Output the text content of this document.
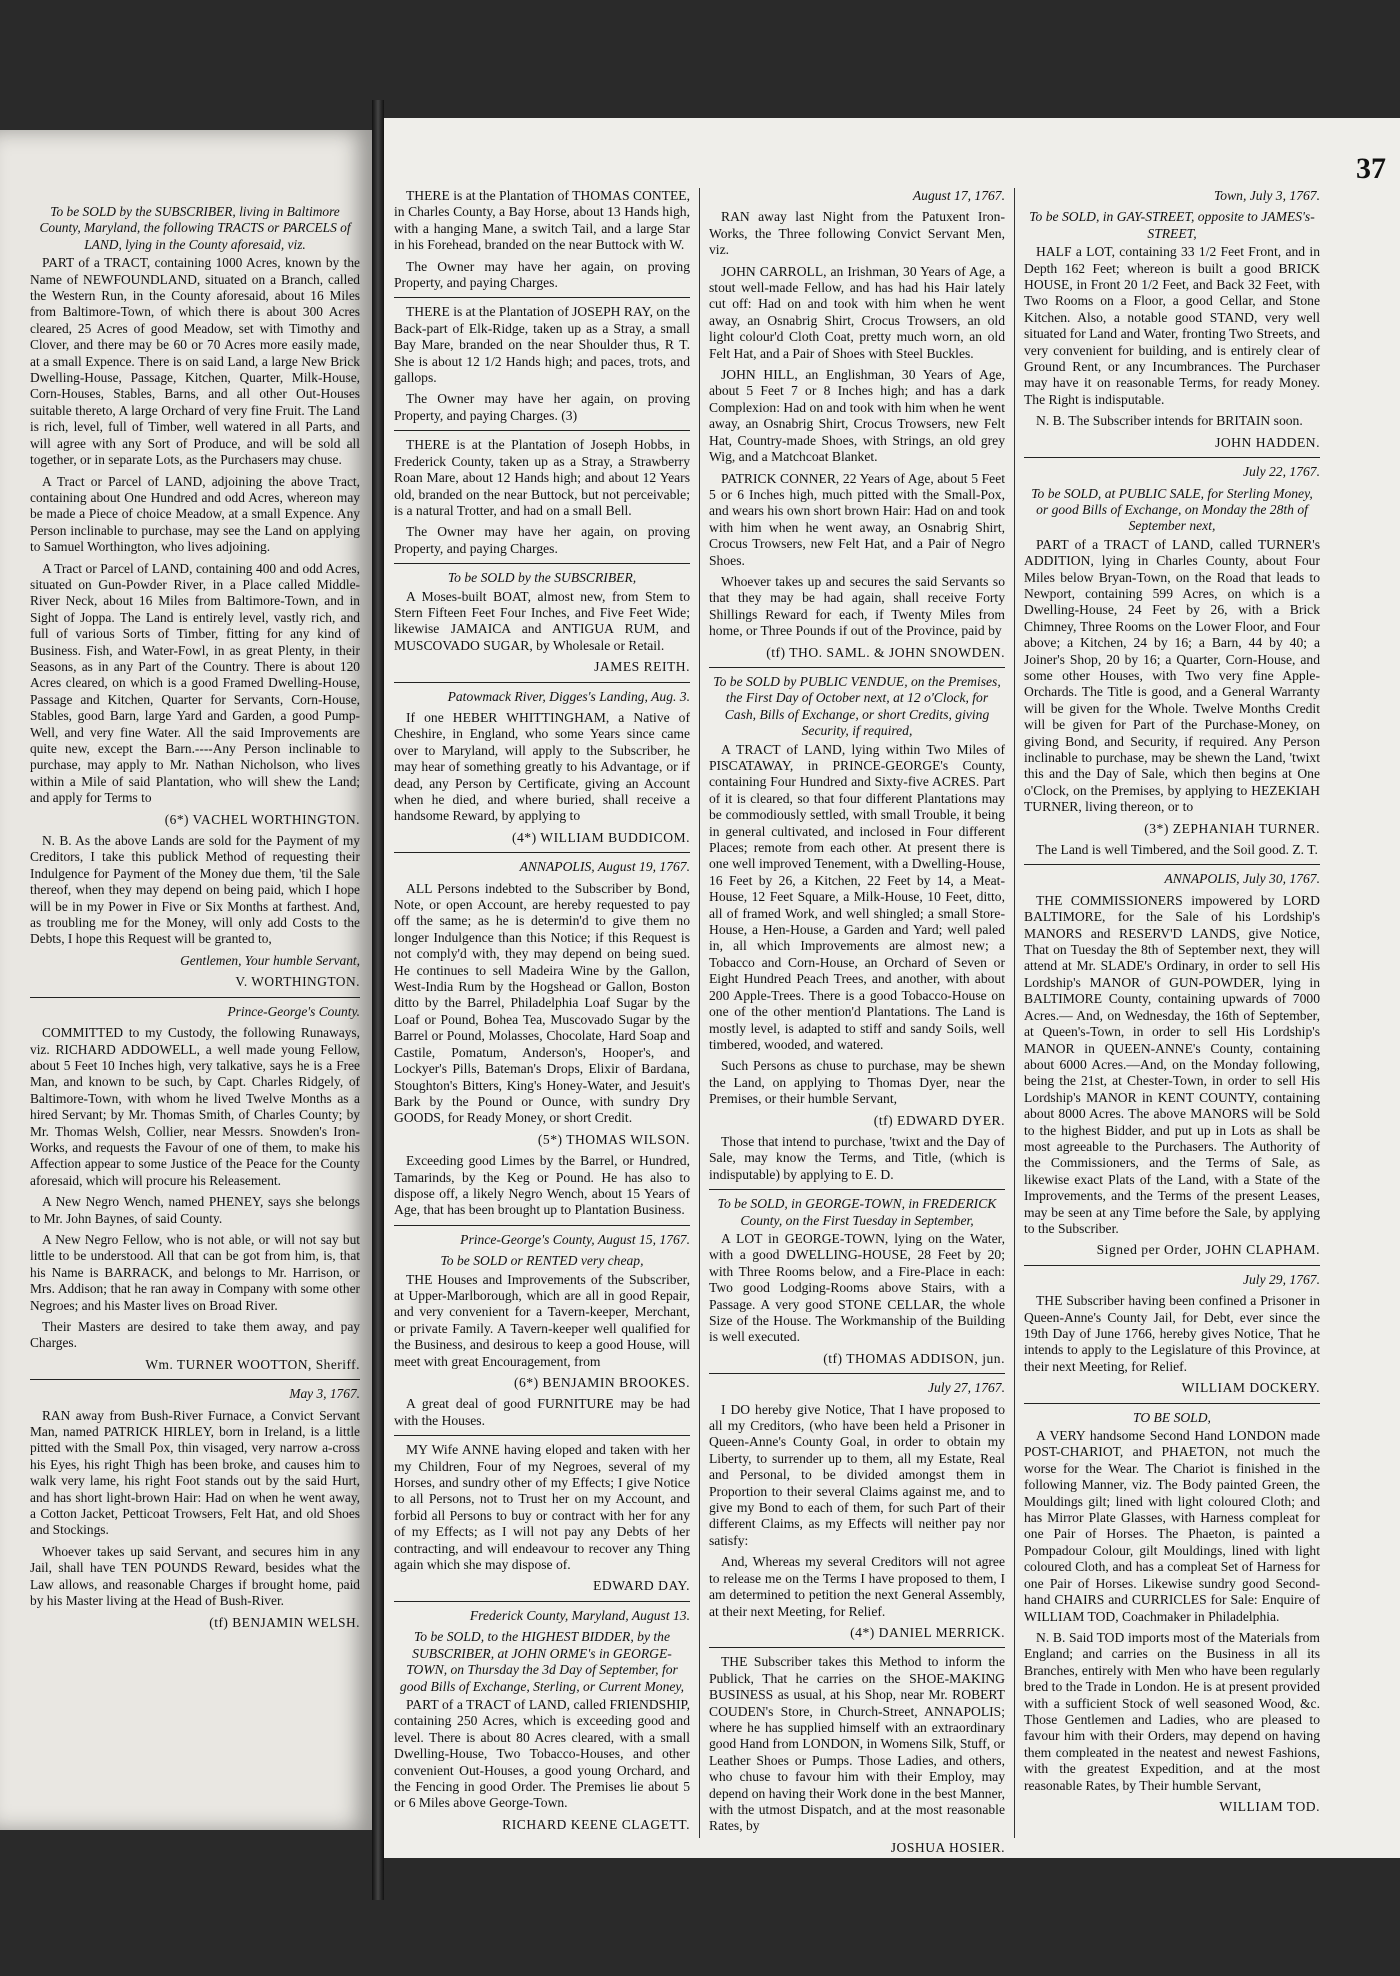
To be SOLD by the SUBSCRIBER, living in Baltimore County, Maryland, the following TRACTS or PARCELS of LAND, lying in the County aforesaid, viz.

PART of a TRACT, containing 1000 Acres, known by the Name of NEWFOUNDLAND, situated on a Branch, called the Western Run, in the County aforesaid, about 16 Miles from Baltimore-Town, of which there is about 300 Acres cleared, 25 Acres of good Meadow, set with Timothy and Clover, and there may be 60 or 70 Acres more easily made, at a small Expence. There is on said Land, a large New Brick Dwelling-House, Passage, Kitchen, Quarter, Milk-House, Corn-Houses, Stables, Barns, and all other Out-Houses suitable thereto, A large Orchard of very fine Fruit. The Land is rich, level, full of Timber, well watered in all Parts, and will agree with any Sort of Produce, and will be sold all together, or in separate Lots, as the Purchasers may chuse.

A Tract or Parcel of LAND, adjoining the above Tract, containing about One Hundred and odd Acres, whereon may be made a Piece of choice Meadow, at a small Expence. Any Person inclinable to purchase, may see the Land on applying to Samuel Worthington, who lives adjoining.

A Tract or Parcel of LAND, containing 400 and odd Acres, situated on Gun-Powder River, in a Place called Middle-River Neck, about 16 Miles from Baltimore-Town, and in Sight of Joppa. The Land is entirely level, vastly rich, and full of various Sorts of Timber, fitting for any kind of Business. Fish, and Water-Fowl, in as great Plenty, in their Seasons, as in any Part of the Country. There is about 120 Acres cleared, on which is a good Framed Dwelling-House, Passage and Kitchen, Quarter for Servants, Corn-House, Stables, good Barn, large Yard and Garden, a good Pump-Well, and very fine Water. All the said Improvements are quite new, except the Barn.----Any Person inclinable to purchase, may apply to Mr. Nathan Nicholson, who lives within a Mile of said Plantation, who will shew the Land; and apply for Terms to

(6*) VACHEL WORTHINGTON.

N. B. As the above Lands are sold for the Payment of my Creditors, I take this publick Method of requesting their Indulgence for Payment of the Money due them, 'til the Sale thereof, when they may depend on being paid, which I hope will be in my Power in Five or Six Months at farthest. And, as troubling me for the Money, will only add Costs to the Debts, I hope this Request will be granted to,

Gentlemen, Your humble Servant,

V. WORTHINGTON.

Prince-George's County.

COMMITTED to my Custody, the following Runaways, viz. RICHARD ADDOWELL, a well made young Fellow, about 5 Feet 10 Inches high, very talkative, says he is a Free Man, and known to be such, by Capt. Charles Ridgely, of Baltimore-Town, with whom he lived Twelve Months as a hired Servant; by Mr. Thomas Smith, of Charles County; by Mr. Thomas Welsh, Collier, near Messrs. Snowden's Iron-Works, and requests the Favour of one of them, to make his Affection appear to some Justice of the Peace for the County aforesaid, which will procure his Releasement.

A New Negro Wench, named PHENEY, says she belongs to Mr. John Baynes, of said County.

A New Negro Fellow, who is not able, or will not say but little to be understood. All that can be got from him, is, that his Name is BARRACK, and belongs to Mr. Harrison, or Mrs. Addison; that he ran away in Company with some other Negroes; and his Master lives on Broad River.

Their Masters are desired to take them away, and pay Charges.

Wm. TURNER WOOTTON, Sheriff.

May 3, 1767.

RAN away from Bush-River Furnace, a Convict Servant Man, named PATRICK HIRLEY, born in Ireland, is a little pitted with the Small Pox, thin visaged, very narrow a-cross his Eyes, his right Thigh has been broke, and causes him to walk very lame, his right Foot stands out by the said Hurt, and has short light-brown Hair: Had on when he went away, a Cotton Jacket, Petticoat Trowsers, Felt Hat, and old Shoes and Stockings.

Whoever takes up said Servant, and secures him in any Jail, shall have TEN POUNDS Reward, besides what the Law allows, and reasonable Charges if brought home, paid by his Master living at the Head of Bush-River.

(tf) BENJAMIN WELSH.

37

THERE is at the Plantation of THOMAS CONTEE, in Charles County, a Bay Horse, about 13 Hands high, with a hanging Mane, a switch Tail, and a large Star in his Forehead, branded on the near Buttock with W.

The Owner may have her again, on proving Property, and paying Charges.

THERE is at the Plantation of JOSEPH RAY, on the Back-part of Elk-Ridge, taken up as a Stray, a small Bay Mare, branded on the near Shoulder thus, R T. She is about 12 1/2 Hands high; and paces, trots, and gallops.

The Owner may have her again, on proving Property, and paying Charges. (3)

THERE is at the Plantation of Joseph Hobbs, in Frederick County, taken up as a Stray, a Strawberry Roan Mare, about 12 Hands high; and about 12 Years old, branded on the near Buttock, but not perceivable; is a natural Trotter, and had on a small Bell.

The Owner may have her again, on proving Property, and paying Charges.

To be SOLD by the SUBSCRIBER,

A Moses-built BOAT, almost new, from Stem to Stern Fifteen Feet Four Inches, and Five Feet Wide; likewise JAMAICA and ANTIGUA RUM, and MUSCOVADO SUGAR, by Wholesale or Retail.

JAMES REITH.

Patowmack River, Digges's Landing, Aug. 3.

If one HEBER WHITTINGHAM, a Native of Cheshire, in England, who some Years since came over to Maryland, will apply to the Subscriber, he may hear of something greatly to his Advantage, or if dead, any Person by Certificate, giving an Account when he died, and where buried, shall receive a handsome Reward, by applying to

(4*) WILLIAM BUDDICOM.

ANNAPOLIS, August 19, 1767.

ALL Persons indebted to the Subscriber by Bond, Note, or open Account, are hereby requested to pay off the same; as he is determin'd to give them no longer Indulgence than this Notice; if this Request is not comply'd with, they may depend on being sued. He continues to sell Madeira Wine by the Gallon, West-India Rum by the Hogshead or Gallon, Boston ditto by the Barrel, Philadelphia Loaf Sugar by the Loaf or Pound, Bohea Tea, Muscovado Sugar by the Barrel or Pound, Molasses, Chocolate, Hard Soap and Castile, Pomatum, Anderson's, Hooper's, and Lockyer's Pills, Bateman's Drops, Elixir of Bardana, Stoughton's Bitters, King's Honey-Water, and Jesuit's Bark by the Pound or Ounce, with sundry Dry GOODS, for Ready Money, or short Credit.

(5*) THOMAS WILSON.

Exceeding good Limes by the Barrel, or Hundred, Tamarinds, by the Keg or Pound. He has also to dispose off, a likely Negro Wench, about 15 Years of Age, that has been brought up to Plantation Business.

Prince-George's County, August 15, 1767.

To be SOLD or RENTED very cheap,

THE Houses and Improvements of the Subscriber, at Upper-Marlborough, which are all in good Repair, and very convenient for a Tavern-keeper, Merchant, or private Family. A Tavern-keeper well qualified for the Business, and desirous to keep a good House, will meet with great Encouragement, from

(6*) BENJAMIN BROOKES.

A great deal of good FURNITURE may be had with the Houses.

MY Wife ANNE having eloped and taken with her my Children, Four of my Negroes, several of my Horses, and sundry other of my Effects; I give Notice to all Persons, not to Trust her on my Account, and forbid all Persons to buy or contract with her for any of my Effects; as I will not pay any Debts of her contracting, and will endeavour to recover any Thing again which she may dispose of.

EDWARD DAY.

Frederick County, Maryland, August 13.

To be SOLD, to the HIGHEST BIDDER, by the SUBSCRIBER, at JOHN ORME's in GEORGE-TOWN, on Thursday the 3d Day of September, for good Bills of Exchange, Sterling, or Current Money,

PART of a TRACT of LAND, called FRIENDSHIP, containing 250 Acres, which is exceeding good and level. There is about 80 Acres cleared, with a small Dwelling-House, Two Tobacco-Houses, and other convenient Out-Houses, a good young Orchard, and the Fencing in good Order. The Premises lie about 5 or 6 Miles above George-Town.

RICHARD KEENE CLAGETT.

August 17, 1767.

RAN away last Night from the Patuxent Iron-Works, the Three following Convict Servant Men, viz.

JOHN CARROLL, an Irishman, 30 Years of Age, a stout well-made Fellow, and has had his Hair lately cut off: Had on and took with him when he went away, an Osnabrig Shirt, Crocus Trowsers, an old light colour'd Cloth Coat, pretty much worn, an old Felt Hat, and a Pair of Shoes with Steel Buckles.

JOHN HILL, an Englishman, 30 Years of Age, about 5 Feet 7 or 8 Inches high; and has a dark Complexion: Had on and took with him when he went away, an Osnabrig Shirt, Crocus Trowsers, new Felt Hat, Country-made Shoes, with Strings, an old grey Wig, and a Matchcoat Blanket.

PATRICK CONNER, 22 Years of Age, about 5 Feet 5 or 6 Inches high, much pitted with the Small-Pox, and wears his own short brown Hair: Had on and took with him when he went away, an Osnabrig Shirt, Crocus Trowsers, new Felt Hat, and a Pair of Negro Shoes.

Whoever takes up and secures the said Servants so that they may be had again, shall receive Forty Shillings Reward for each, if Twenty Miles from home, or Three Pounds if out of the Province, paid by

(tf) THO. SAML. & JOHN SNOWDEN.

To be SOLD by PUBLIC VENDUE, on the Premises, the First Day of October next, at 12 o'Clock, for Cash, Bills of Exchange, or short Credits, giving Security, if required,

A TRACT of LAND, lying within Two Miles of PISCATAWAY, in PRINCE-GEORGE's County, containing Four Hundred and Sixty-five ACRES. Part of it is cleared, so that four different Plantations may be commodiously settled, with small Trouble, it being in general cultivated, and inclosed in Four different Places; remote from each other. At present there is one well improved Tenement, with a Dwelling-House, 16 Feet by 26, a Kitchen, 22 Feet by 14, a Meat-House, 12 Feet Square, a Milk-House, 10 Feet, ditto, all of framed Work, and well shingled; a small Store-House, a Hen-House, a Garden and Yard; well paled in, all which Improvements are almost new; a Tobacco and Corn-House, an Orchard of Seven or Eight Hundred Peach Trees, and another, with about 200 Apple-Trees. There is a good Tobacco-House on one of the other mention'd Plantations. The Land is mostly level, is adapted to stiff and sandy Soils, well timbered, wooded, and watered.

Such Persons as chuse to purchase, may be shewn the Land, on applying to Thomas Dyer, near the Premises, or their humble Servant,

(tf) EDWARD DYER.

Those that intend to purchase, 'twixt and the Day of Sale, may know the Terms, and Title, (which is indisputable) by applying to E. D.

To be SOLD, in GEORGE-TOWN, in FREDERICK County, on the First Tuesday in September,

A LOT in GEORGE-TOWN, lying on the Water, with a good DWELLING-HOUSE, 28 Feet by 20; with Three Rooms below, and a Fire-Place in each: Two good Lodging-Rooms above Stairs, with a Passage. A very good STONE CELLAR, the whole Size of the House. The Workmanship of the Building is well executed.

(tf) THOMAS ADDISON, jun.

July 27, 1767.

I DO hereby give Notice, That I have proposed to all my Creditors, (who have been held a Prisoner in Queen-Anne's County Goal, in order to obtain my Liberty, to surrender up to them, all my Estate, Real and Personal, to be divided amongst them in Proportion to their several Claims against me, and to give my Bond to each of them, for such Part of their different Claims, as my Effects will neither pay nor satisfy:

And, Whereas my several Creditors will not agree to release me on the Terms I have proposed to them, I am determined to petition the next General Assembly, at their next Meeting, for Relief.

(4*) DANIEL MERRICK.

THE Subscriber takes this Method to inform the Publick, That he carries on the SHOE-MAKING BUSINESS as usual, at his Shop, near Mr. ROBERT COUDEN's Store, in Church-Street, ANNAPOLIS; where he has supplied himself with an extraordinary good Hand from LONDON, in Womens Silk, Stuff, or Leather Shoes or Pumps. Those Ladies, and others, who chuse to favour him with their Employ, may depend on having their Work done in the best Manner, with the utmost Dispatch, and at the most reasonable Rates, by

JOSHUA HOSIER.

Town, July 3, 1767.

To be SOLD, in GAY-STREET, opposite to JAMES's-STREET,

HALF a LOT, containing 33 1/2 Feet Front, and in Depth 162 Feet; whereon is built a good BRICK HOUSE, in Front 20 1/2 Feet, and Back 32 Feet, with Two Rooms on a Floor, a good Cellar, and Stone Kitchen. Also, a notable good STAND, very well situated for Land and Water, fronting Two Streets, and very convenient for building, and is entirely clear of Ground Rent, or any Incumbrances. The Purchaser may have it on reasonable Terms, for ready Money. The Right is indisputable.

N. B. The Subscriber intends for BRITAIN soon.

JOHN HADDEN.

July 22, 1767.

To be SOLD, at PUBLIC SALE, for Sterling Money, or good Bills of Exchange, on Monday the 28th of September next,

PART of a TRACT of LAND, called TURNER's ADDITION, lying in Charles County, about Four Miles below Bryan-Town, on the Road that leads to Newport, containing 599 Acres, on which is a Dwelling-House, 24 Feet by 26, with a Brick Chimney, Three Rooms on the Lower Floor, and Four above; a Kitchen, 24 by 16; a Barn, 44 by 40; a Joiner's Shop, 20 by 16; a Quarter, Corn-House, and some other Houses, with Two very fine Apple-Orchards. The Title is good, and a General Warranty will be given for the Whole. Twelve Months Credit will be given for Part of the Purchase-Money, on giving Bond, and Security, if required. Any Person inclinable to purchase, may be shewn the Land, 'twixt this and the Day of Sale, which then begins at One o'Clock, on the Premises, by applying to HEZEKIAH TURNER, living thereon, or to

(3*) ZEPHANIAH TURNER.

The Land is well Timbered, and the Soil good. Z. T.

ANNAPOLIS, July 30, 1767.

THE COMMISSIONERS impowered by LORD BALTIMORE, for the Sale of his Lordship's MANORS and RESERV'D LANDS, give Notice, That on Tuesday the 8th of September next, they will attend at Mr. SLADE's Ordinary, in order to sell His Lordship's MANOR of GUN-POWDER, lying in BALTIMORE County, containing upwards of 7000 Acres.— And, on Wednesday, the 16th of September, at Queen's-Town, in order to sell His Lordship's MANOR in QUEEN-ANNE's County, containing about 6000 Acres.—And, on the Monday following, being the 21st, at Chester-Town, in order to sell His Lordship's MANOR in KENT COUNTY, containing about 8000 Acres. The above MANORS will be Sold to the highest Bidder, and put up in Lots as shall be most agreeable to the Purchasers. The Authority of the Commissioners, and the Terms of Sale, as likewise exact Plats of the Land, with a State of the Improvements, and the Terms of the present Leases, may be seen at any Time before the Sale, by applying to the Subscriber.

Signed per Order, JOHN CLAPHAM.

July 29, 1767.

THE Subscriber having been confined a Prisoner in Queen-Anne's County Jail, for Debt, ever since the 19th Day of June 1766, hereby gives Notice, That he intends to apply to the Legislature of this Province, at their next Meeting, for Relief.

WILLIAM DOCKERY.

TO BE SOLD,

A VERY handsome Second Hand LONDON made POST-CHARIOT, and PHAETON, not much the worse for the Wear. The Chariot is finished in the following Manner, viz. The Body painted Green, the Mouldings gilt; lined with light coloured Cloth; and has Mirror Plate Glasses, with Harness compleat for one Pair of Horses. The Phaeton, is painted a Pompadour Colour, gilt Mouldings, lined with light coloured Cloth, and has a compleat Set of Harness for one Pair of Horses. Likewise sundry good Second-hand CHAIRS and CURRICLES for Sale: Enquire of WILLIAM TOD, Coachmaker in Philadelphia.

N. B. Said TOD imports most of the Materials from England; and carries on the Business in all its Branches, entirely with Men who have been regularly bred to the Trade in London. He is at present provided with a sufficient Stock of well seasoned Wood, &c. Those Gentlemen and Ladies, who are pleased to favour him with their Orders, may depend on having them compleated in the neatest and newest Fashions, with the greatest Expedition, and at the most reasonable Rates, by Their humble Servant,

WILLIAM TOD.
